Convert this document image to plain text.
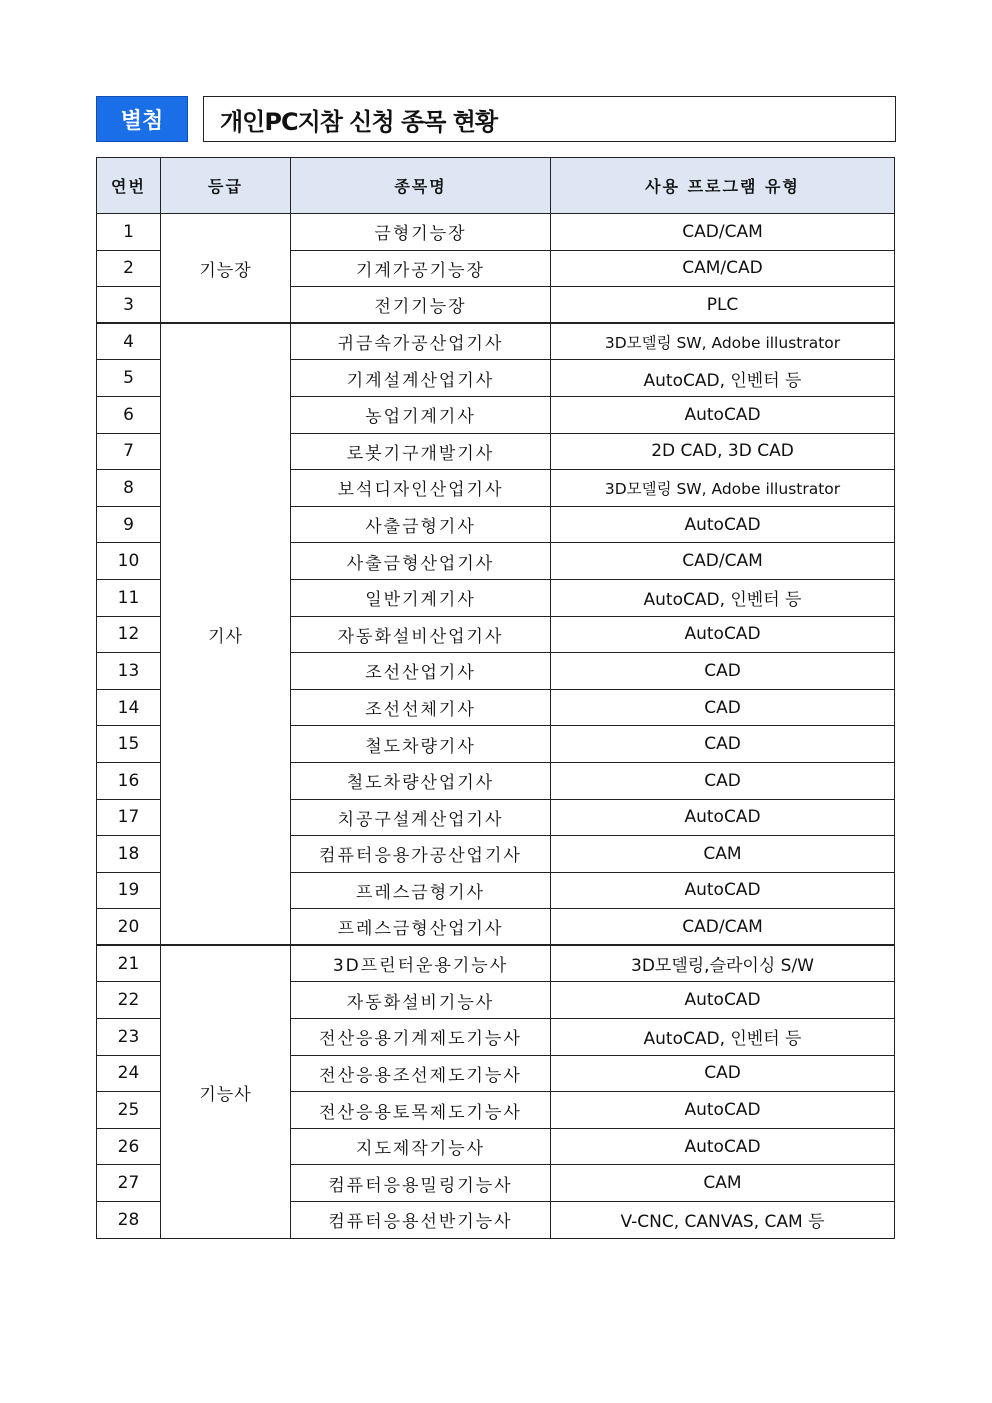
별첨	개인PC지참 신청 종목 현황
연번	등급	종목명	사용 프로그램 유형
1	기능장	금형기능장	CAD/CAM
2		기계가공기능장	CAM/CAD
3		전기기능장	PLC
4	기사	귀금속가공산업기사	3D모델링 SW, Adobe illustrator
5		기계설계산업기사	AutoCAD, 인벤터 등
6		농업기계기사	AutoCAD
7		로봇기구개발기사	2D CAD, 3D CAD
8		보석디자인산업기사	3D모델링 SW, Adobe illustrator
9		사출금형기사	AutoCAD
10		사출금형산업기사	CAD/CAM
11		일반기계기사	AutoCAD, 인벤터 등
12		자동화설비산업기사	AutoCAD
13		조선산업기사	CAD
14		조선선체기사	CAD
15		철도차량기사	CAD
16		철도차량산업기사	CAD
17		치공구설계산업기사	AutoCAD
18		컴퓨터응용가공산업기사	CAM
19		프레스금형기사	AutoCAD
20		프레스금형산업기사	CAD/CAM
21	기능사	3D프린터운용기능사	3D모델링,슬라이싱 S/W
22		자동화설비기능사	AutoCAD
23		전산응용기계제도기능사	AutoCAD, 인벤터 등
24		전산응용조선제도기능사	CAD
25		전산응용토목제도기능사	AutoCAD
26		지도제작기능사	AutoCAD
27		컴퓨터응용밀링기능사	CAM
28		컴퓨터응용선반기능사	V-CNC, CANVAS, CAM 등
